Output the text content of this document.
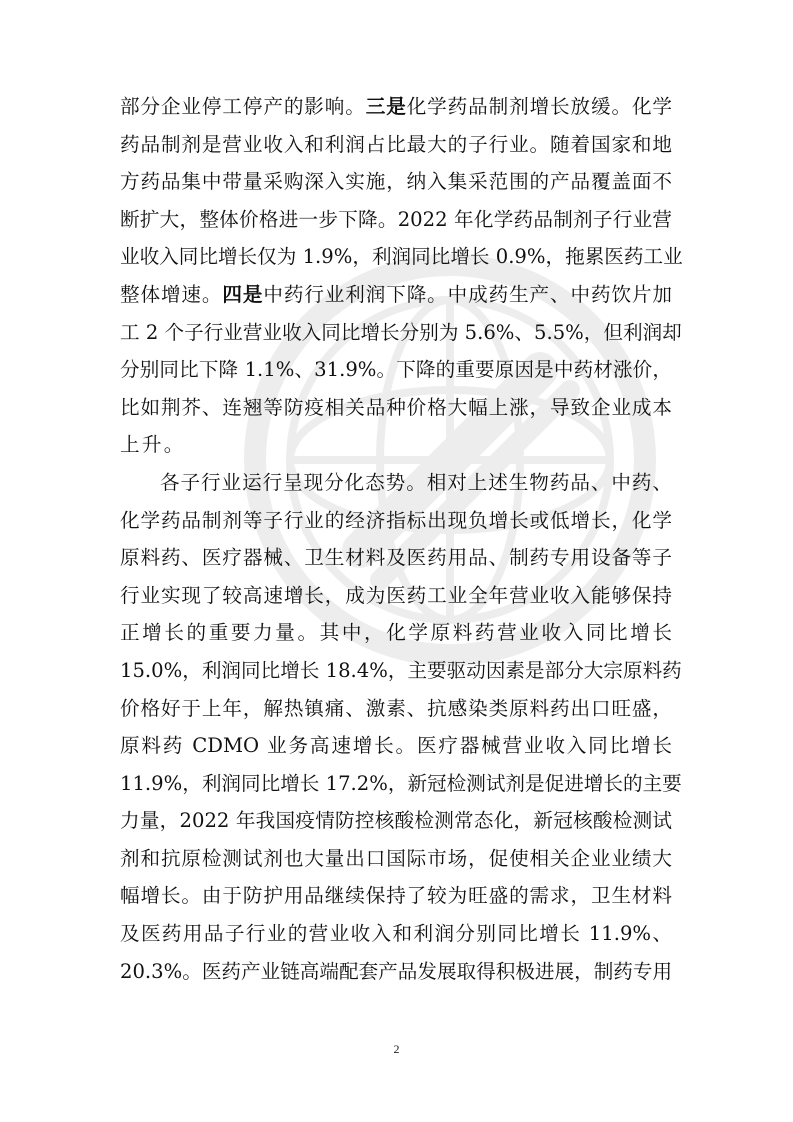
部分企业停工停产的影响。三是化学药品制剂增长放缓。化学
药品制剂是营业收入和利润占比最大的子行业。随着国家和地
方药品集中带量采购深入实施，纳入集采范围的产品覆盖面不
断扩大，整体价格进一步下降。2022 年化学药品制剂子行业营
业收入同比增长仅为 1.9%，利润同比增长 0.9%，拖累医药工业
整体增速。四是中药行业利润下降。中成药生产、中药饮片加
工 2 个子行业营业收入同比增长分别为 5.6%、5.5%，但利润却
分别同比下降 1.1%、31.9%。下降的重要原因是中药材涨价，
比如荆芥、连翘等防疫相关品种价格大幅上涨，导致企业成本
上升。
各子行业运行呈现分化态势。相对上述生物药品、中药、
化学药品制剂等子行业的经济指标出现负增长或低增长，化学
原料药、医疗器械、卫生材料及医药用品、制药专用设备等子
行业实现了较高速增长，成为医药工业全年营业收入能够保持
正增长的重要力量。其中，化学原料药营业收入同比增长
15.0%，利润同比增长 18.4%，主要驱动因素是部分大宗原料药
价格好于上年，解热镇痛、激素、抗感染类原料药出口旺盛，
原料药 CDMO 业务高速增长。医疗器械营业收入同比增长
11.9%，利润同比增长 17.2%，新冠检测试剂是促进增长的主要
力量，2022 年我国疫情防控核酸检测常态化，新冠核酸检测试
剂和抗原检测试剂也大量出口国际市场，促使相关企业业绩大
幅增长。由于防护用品继续保持了较为旺盛的需求，卫生材料
及医药用品子行业的营业收入和利润分别同比增长 11.9%、
20.3%。医药产业链高端配套产品发展取得积极进展，制药专用
2
